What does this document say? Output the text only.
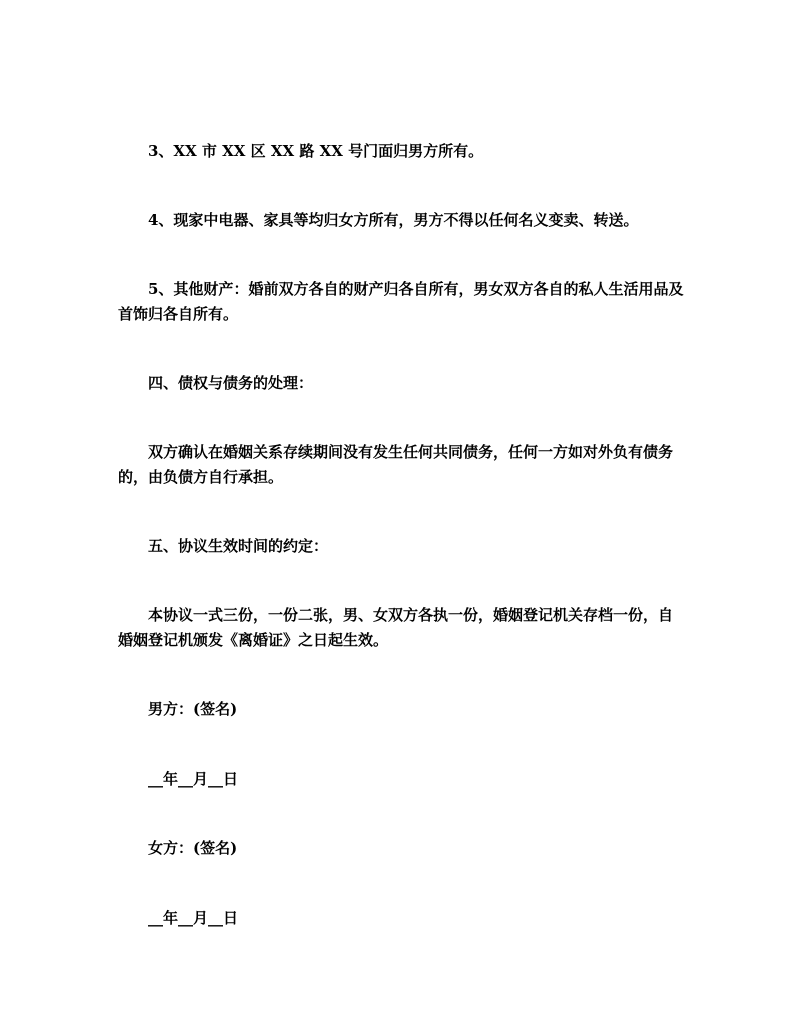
3、XX 市 XX 区 XX 路 XX 号门面归男方所有。

4、现家中电器、家具等均归女方所有，男方不得以任何名义变卖、转送。

5、其他财产：婚前双方各自的财产归各自所有，男女双方各自的私人生活用品及首饰归各自所有。

四、债权与债务的处理：

双方确认在婚姻关系存续期间没有发生任何共同债务，任何一方如对外负有债务的，由负债方自行承担。

五、协议生效时间的约定：

本协议一式三份，一份二张，男、女双方各执一份，婚姻登记机关存档一份，自婚姻登记机颁发《离婚证》之日起生效。

男方：(签名)

__年__月__日

女方：(签名)

__年__月__日
